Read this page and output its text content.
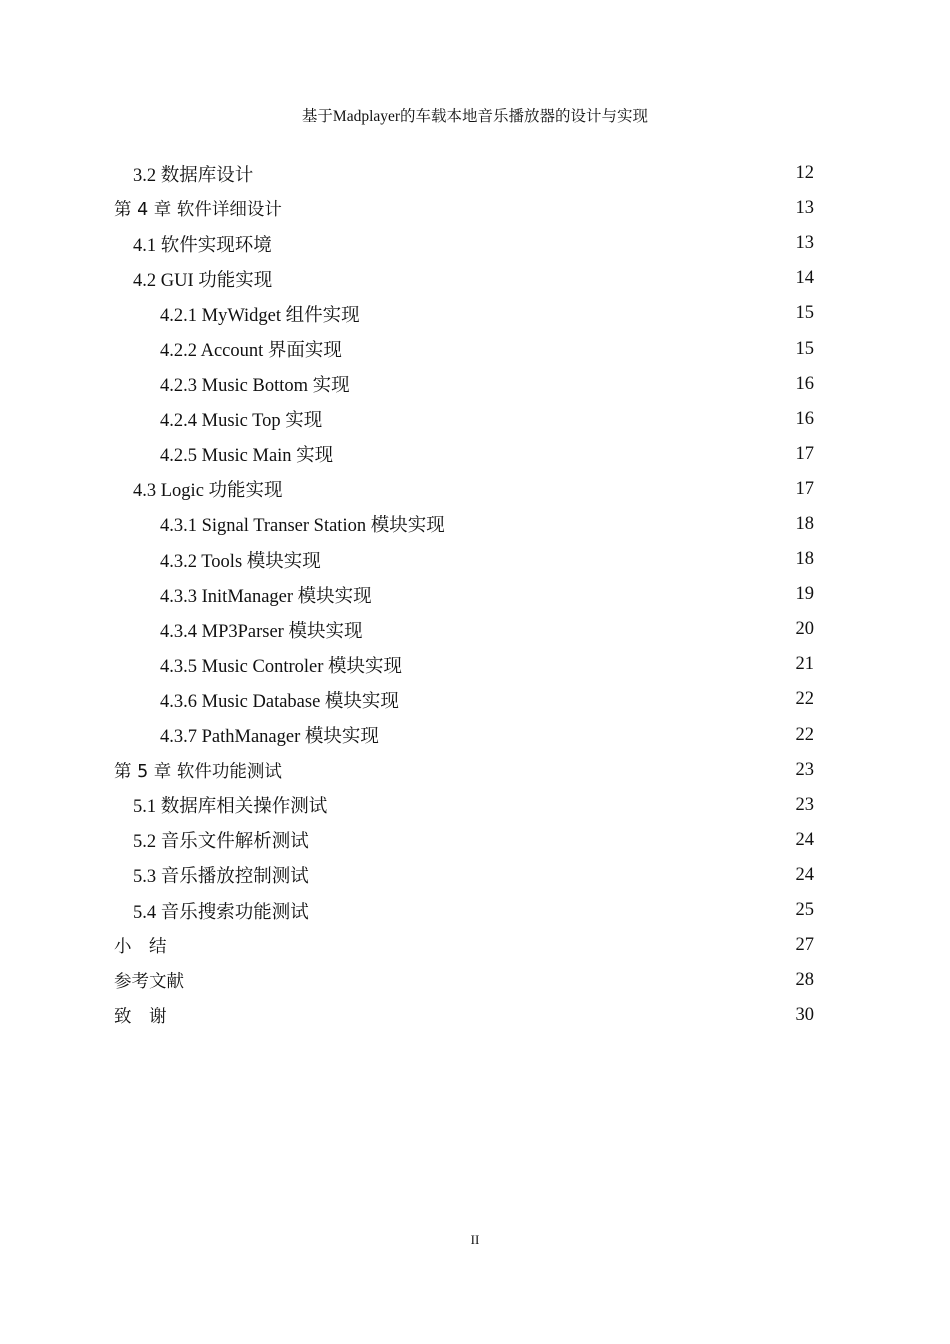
基于Madplayer的车载本地音乐播放器的设计与实现
3.2 数据库设计	12
第 4 章 软件详细设计	13
4.1 软件实现环境	13
4.2 GUI 功能实现	14
4.2.1 MyWidget 组件实现	15
4.2.2 Account 界面实现	15
4.2.3 Music Bottom 实现	16
4.2.4 Music Top 实现	16
4.2.5 Music Main 实现	17
4.3 Logic 功能实现	17
4.3.1 Signal Transer Station 模块实现	18
4.3.2 Tools 模块实现	18
4.3.3 InitManager 模块实现	19
4.3.4 MP3Parser 模块实现	20
4.3.5 Music Controler 模块实现	21
4.3.6 Music Database 模块实现	22
4.3.7 PathManager 模块实现	22
第 5 章 软件功能测试	23
5.1 数据库相关操作测试	23
5.2 音乐文件解析测试	24
5.3 音乐播放控制测试	24
5.4 音乐搜索功能测试	25
小　结	27
参考文献	28
致　谢	30
II
